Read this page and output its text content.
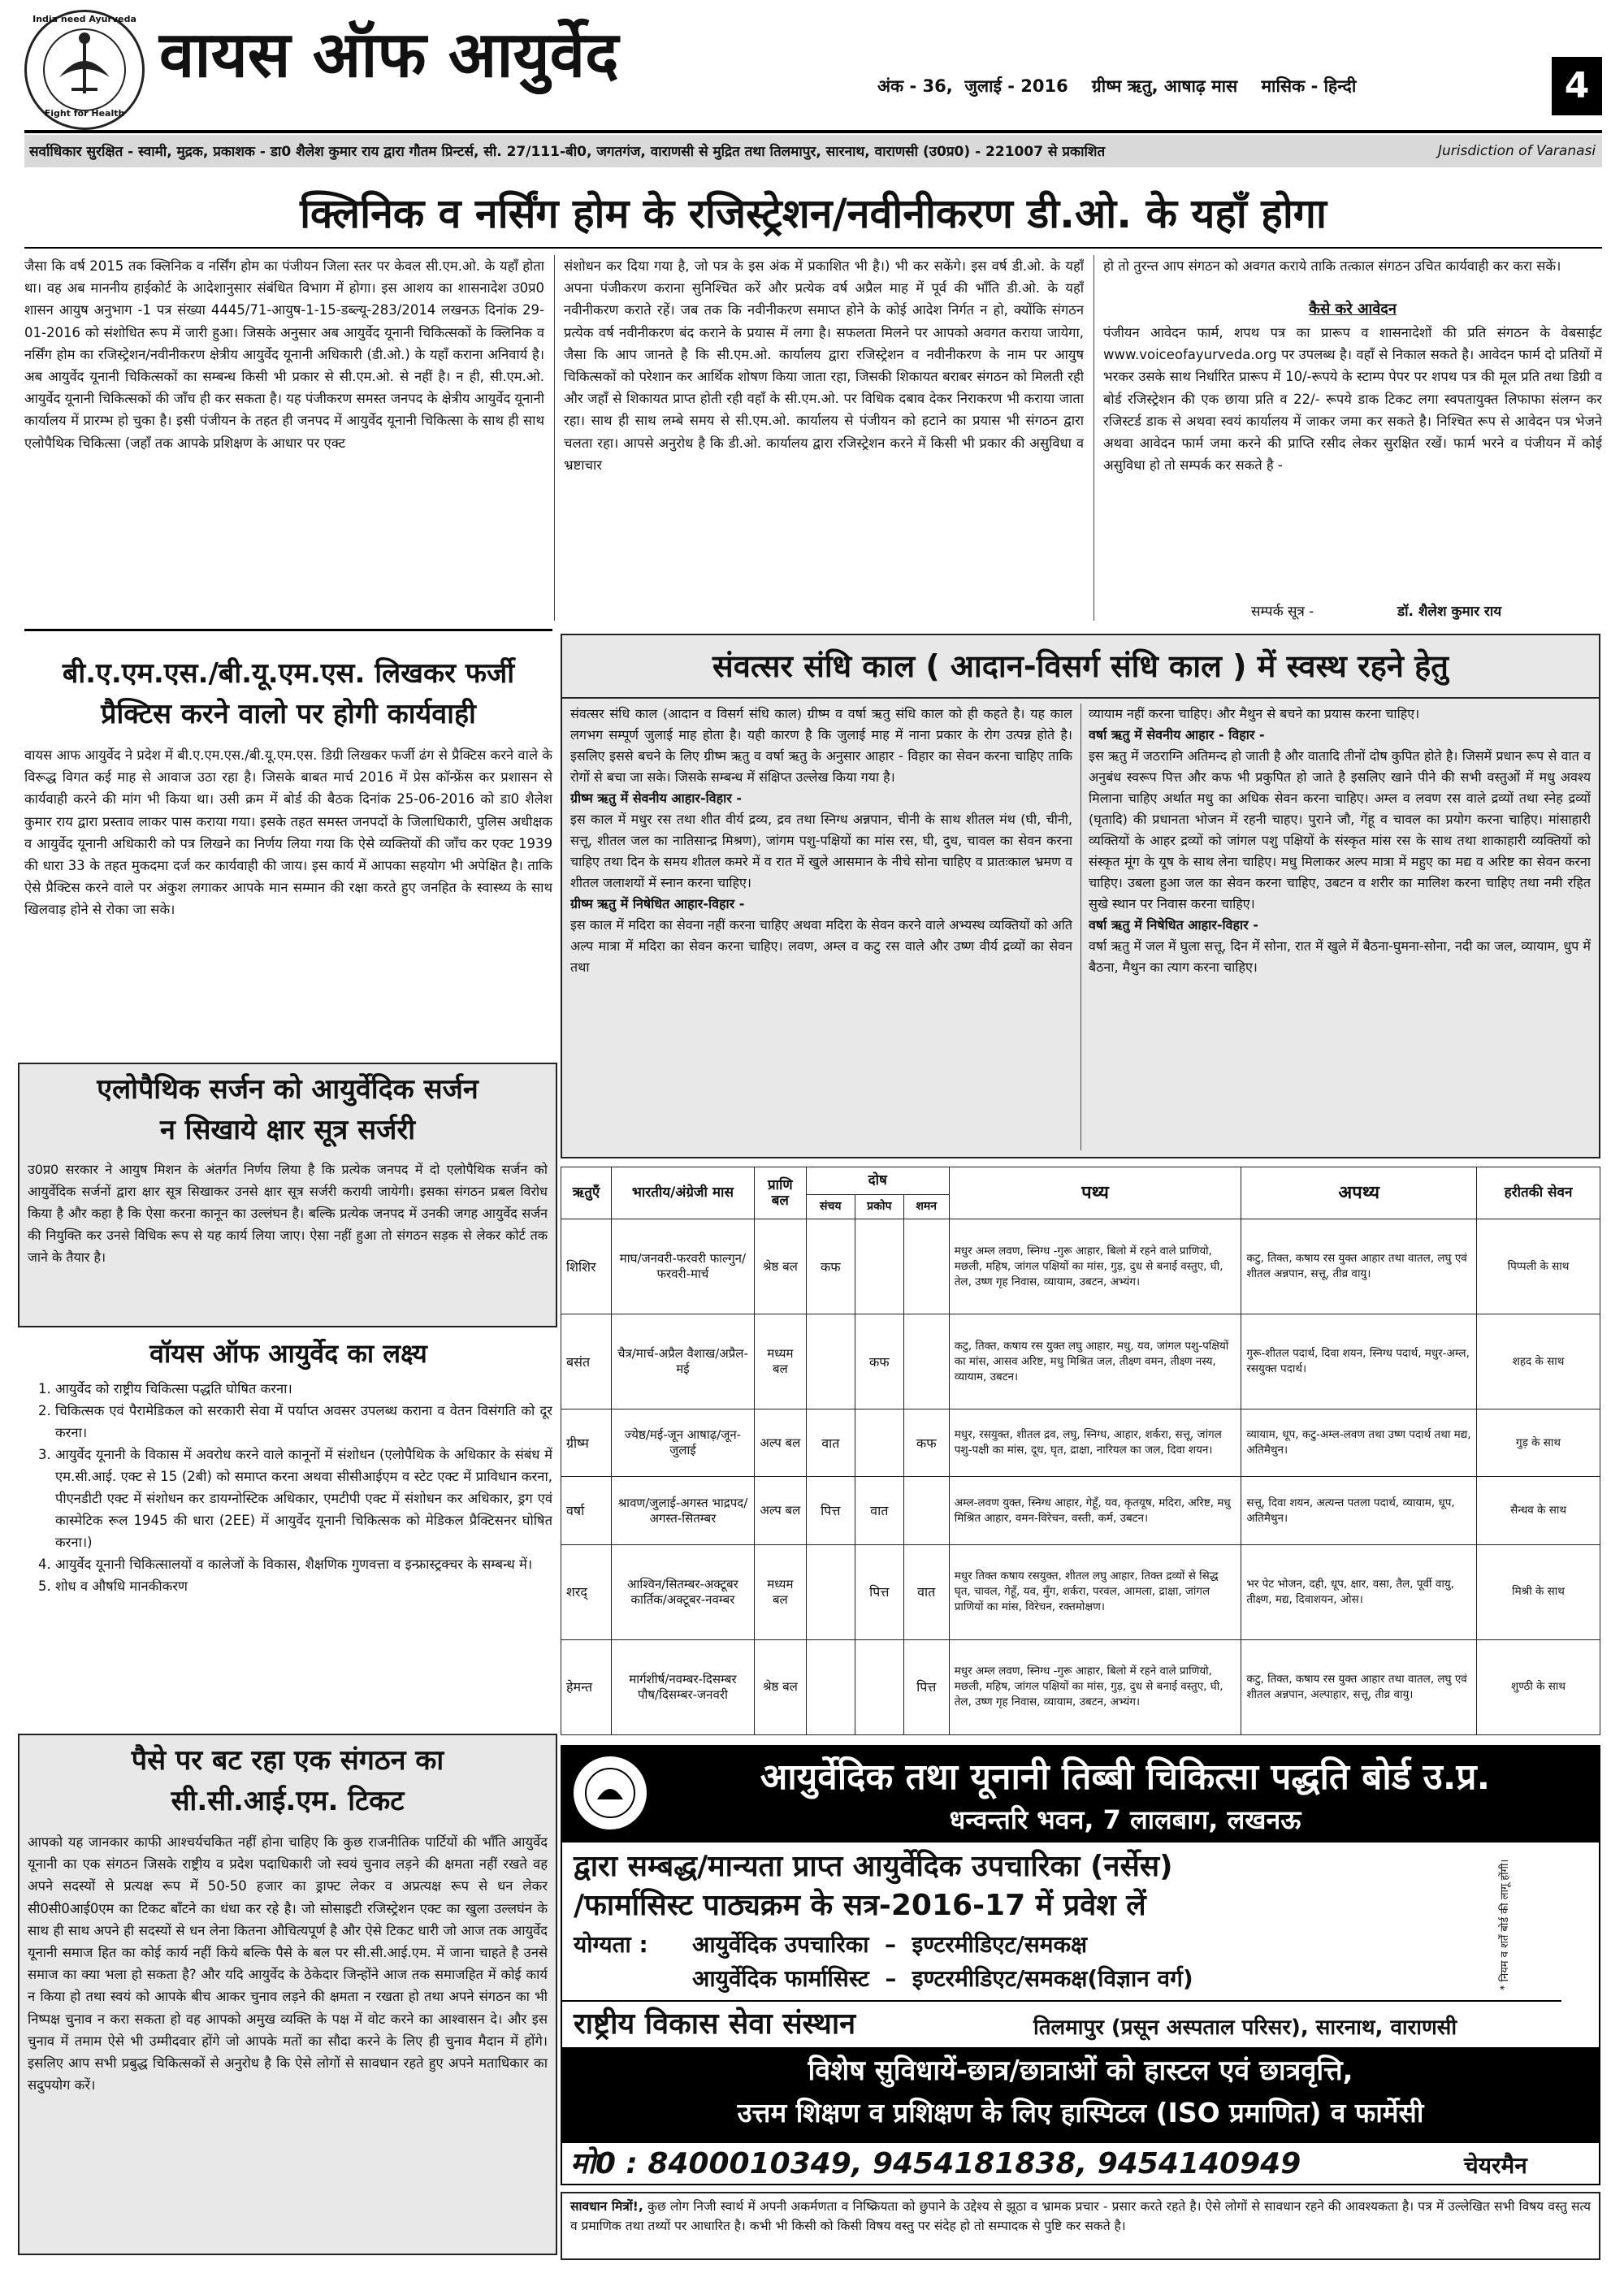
India need Ayurveda
Fight for Health
वायस ऑफ आयुर्वेद	अंक - 36,  जुलाई - 2016    ग्रीष्म ऋतु, आषाढ़ मास    मासिक - हिन्दी	4
सर्वाधिकार सुरक्षित - स्वामी, मुद्रक, प्रकाशक - डा0 शैलेश कुमार राय द्वारा गौतम प्रिन्टर्स, सी. 27/111-बी0, जगतगंज, वाराणसी से मुद्रित तथा तिलमापुर, सारनाथ, वाराणसी (उ0प्र0) - 221007 से प्रकाशित	Jurisdiction of Varanasi
क्लिनिक व नर्सिंग होम के रजिस्ट्रेशन/नवीनीकरण डी.ओ. के यहाँ होगा
जैसा कि वर्ष 2015 तक क्लिनिक व नर्सिंग होम का पंजीयन जिला स्तर पर केवल सी.एम.ओ. के यहाँ होता था। वह अब माननीय हाईकोर्ट के आदेशानुसार संबंधित विभाग में होगा। इस आशय का शासनादेश उ0प्र0 शासन आयुष अनुभाग -1 पत्र संख्या 4445/71-आयुष-1-15-डब्ल्यू-283/2014 लखनऊ दिनांक 29-01-2016 को संशोधित रूप में जारी हुआ। जिसके अनुसार अब आयुर्वेद यूनानी चिकित्सकों के क्लिनिक व नर्सिंग होम का रजिस्ट्रेशन/नवीनीकरण क्षेत्रीय आयुर्वेद यूनानी अधिकारी (डी.ओ.) के यहाँ कराना अनिवार्य है। अब आयुर्वेद यूनानी चिकित्सकों का सम्बन्ध किसी भी प्रकार से सी.एम.ओ. से नहीं है। न ही, सी.एम.ओ. आयुर्वेद यूनानी चिकित्सकों की जाँच ही कर सकता है। यह पंजीकरण समस्त जनपद के क्षेत्रीय आयुर्वेद यूनानी कार्यालय में प्रारम्भ हो चुका है। इसी पंजीयन के तहत ही जनपद में आयुर्वेद यूनानी चिकित्सा के साथ ही साथ एलोपैथिक चिकित्सा (जहाँ तक आपके प्रशिक्षण के आधार पर एक्ट
संशोधन कर दिया गया है, जो पत्र के इस अंक में प्रकाशित भी है।) भी कर सकेंगे। इस वर्ष डी.ओ. के यहाँ अपना पंजीकरण कराना सुनिश्चित करें और प्रत्येक वर्ष अप्रैल माह में पूर्व की भाँति डी.ओ. के यहाँ नवीनीकरण कराते रहें। जब तक कि नवीनीकरण समाप्त होने के कोई आदेश निर्गत न हो, क्योंकि संगठन प्रत्येक वर्ष नवीनीकरण बंद कराने के प्रयास में लगा है। सफलता मिलने पर आपको अवगत कराया जायेगा, जैसा कि आप जानते है कि सी.एम.ओ. कार्यालय द्वारा रजिस्ट्रेशन व नवीनीकरण के नाम पर आयुष चिकित्सकों को परेशान कर आर्थिक शोषण किया जाता रहा, जिसकी शिकायत बराबर संगठन को मिलती रही और जहाँ से शिकायत प्राप्त होती रही वहाँ के सी.एम.ओ. पर विधिक दबाव देकर निराकरण भी कराया जाता रहा। साथ ही साथ लम्बे समय से सी.एम.ओ. कार्यालय से पंजीयन को हटाने का प्रयास भी संगठन द्वारा चलता रहा। आपसे अनुरोध है कि डी.ओ. कार्यालय द्वारा रजिस्ट्रेशन करने में किसी भी प्रकार की असुविधा व भ्रष्टाचार
हो तो तुरन्त आप संगठन को अवगत कराये ताकि तत्काल संगठन उचित कार्यवाही कर करा सकें।
कैसे करे आवेदन
पंजीयन आवेदन फार्म, शपथ पत्र का प्रारूप व शासनादेशों की प्रति संगठन के वेबसाईट www.voiceofayurveda.org पर उपलब्ध है। वहाँ से निकाल सकते है। आवेदन फार्म दो प्रतियों में भरकर उसके साथ निर्धारित प्रारूप में 10/-रूपये के स्टाम्प पेपर पर शपथ पत्र की मूल प्रति तथा डिग्री व बोर्ड रजिस्ट्रेशन की एक छाया प्रति व 22/- रूपये डाक टिकट लगा स्वपतायुक्त लिफाफा संलग्न कर रजिस्टर्ड डाक से अथवा स्वयं कार्यालय में जाकर जमा कर सकते है। निश्चित रूप से आवेदन पत्र भेजने अथवा आवेदन फार्म जमा करने की प्राप्ति रसीद लेकर सुरक्षित रखें। फार्म भरने व पंजीयन में कोई असुविधा हो तो सम्पर्क कर सकते है -
सम्पर्क सूत्र -	डॉ. शैलेश कुमार राय
बी.ए.एम.एस./बी.यू.एम.एस. लिखकर फर्जी
प्रैक्टिस करने वालो पर होगी कार्यवाही
वायस आफ आयुर्वेद ने प्रदेश में बी.ए.एम.एस./बी.यू.एम.एस. डिग्री लिखकर फर्जी ढंग से प्रैक्टिस करने वाले के विरूद्ध विगत कई माह से आवाज उठा रहा है। जिसके बाबत मार्च 2016 में प्रेस कॉन्फ्रेंस कर प्रशासन से कार्यवाही करने की मांग भी किया था। उसी क्रम में बोर्ड की बैठक दिनांक 25-06-2016 को डा0 शैलेश कुमार राय द्वारा प्रस्ताव लाकर पास कराया गया। इसके तहत समस्त जनपदों के जिलाधिकारी, पुलिस अधीक्षक व आयुर्वेद यूनानी अधिकारी को पत्र लिखने का निर्णय लिया गया कि ऐसे व्यक्तियों की जाँच कर एक्ट 1939 की धारा 33 के तहत मुकदमा दर्ज कर कार्यवाही की जाय। इस कार्य में आपका सहयोग भी अपेक्षित है। ताकि ऐसे प्रैक्टिस करने वाले पर अंकुश लगाकर आपके मान सम्मान की रक्षा करते हुए जनहित के स्वास्थ्य के साथ खिलवाड़ होने से रोका जा सके।
एलोपैथिक सर्जन को आयुर्वेदिक सर्जन
न सिखाये क्षार सूत्र सर्जरी
उ0प्र0 सरकार ने आयुष मिशन के अंतर्गत निर्णय लिया है कि प्रत्येक जनपद में दो एलोपैथिक सर्जन को आयुर्वेदिक सर्जनों द्वारा क्षार सूत्र सिखाकर उनसे क्षार सूत्र सर्जरी करायी जायेगी। इसका संगठन प्रबल विरोध किया है और कहा है कि ऐसा करना कानून का उल्लंघन है। बल्कि प्रत्येक जनपद में उनकी जगह आयुर्वेद सर्जन की नियुक्ति कर उनसे विधिक रूप से यह कार्य लिया जाए। ऐसा नहीं हुआ तो संगठन सड़क से लेकर कोर्ट तक जाने के तैयार है।
वॉयस ऑफ आयुर्वेद का लक्ष्य
1. आयुर्वेद को राष्ट्रीय चिकित्सा पद्धति घोषित करना।
2. चिकित्सक एवं पैरामेडिकल को सरकारी सेवा में पर्याप्त अवसर उपलब्ध कराना व वेतन विसंगति को दूर करना।
3. आयुर्वेद यूनानी के विकास में अवरोध करने वाले कानूनों में संशोधन (एलोपैथिक के अधिकार के संबंध में एम.सी.आई. एक्ट से 15 (2बी) को समाप्त करना अथवा सीसीआईएम व स्टेट एक्ट में प्राविधान करना, पीएनडीटी एक्ट में संशोधन कर डायग्नोस्टिक अधिकार, एमटीपी एक्ट में संशोधन कर अधिकार, ड्रग एवं कास्मेटिक रूल 1945 की धारा (2EE) में आयुर्वेद यूनानी चिकित्सक को मेडिकल प्रैक्टिसनर घोषित करना।)
4. आयुर्वेद यूनानी चिकित्सालयों व कालेजों के विकास, शैक्षणिक गुणवत्ता व इन्फ्रास्ट्रक्चर के सम्बन्ध में।
5. शोध व औषधि मानकीकरण
पैसे पर बट रहा एक संगठन का
सी.सी.आई.एम. टिकट
आपको यह जानकार काफी आश्चर्यचकित नहीं होना चाहिए कि कुछ राजनीतिक पार्टियों की भाँति आयुर्वेद यूनानी का एक संगठन जिसके राष्ट्रीय व प्रदेश पदाधिकारी जो स्वयं चुनाव लड़ने की क्षमता नहीं रखते वह अपने सदस्यों से प्रत्यक्ष रूप में 50-50 हजार का ड्राफ्ट लेकर व अप्रत्यक्ष रूप से धन लेकर सी0सी0आई0एम का टिकट बाँटने का धंधा कर रहे है। जो सोसाइटी रजिस्ट्रेशन एक्ट का खुला उल्लघंन के साथ ही साथ अपने ही सदस्यों से धन लेना कितना औचित्यपूर्ण है और ऐसे टिकट धारी जो आज तक आयुर्वेद यूनानी समाज हित का कोई कार्य नहीं किये बल्कि पैसे के बल पर सी.सी.आई.एम. में जाना चाहते है उनसे समाज का क्या भला हो सकता है? और यदि आयुर्वेद के ठेकेदार जिन्होंने आज तक समाजहित में कोई कार्य न किया हो तथा स्वयं को आपके बीच आकर चुनाव लड़ने की क्षमता न रखता हो तथा अपने संगठन का भी निष्पक्ष चुनाव न करा सकता हो वह आपको अमुख व्यक्ति के पक्ष में वोट करने का आश्वासन दे। और इस चुनाव में तमाम ऐसे भी उम्मीदवार होंगे जो आपके मतों का सौदा करने के लिए ही चुनाव मैदान में होंगे। इसलिए आप सभी प्रबुद्ध चिकित्सकों से अनुरोध है कि ऐसे लोगों से सावधान रहते हुए अपने मताधिकार का सदुपयोग करें।
संवत्सर संधि काल ( आदान-विसर्ग संधि काल ) में स्वस्थ रहने हेतु

संवत्सर संधि काल (आदान व विसर्ग संधि काल) ग्रीष्म व वर्षा ऋतु संधि काल को ही कहते है। यह काल लगभग सम्पूर्ण जुलाई माह होता है। यही कारण है कि जुलाई माह में नाना प्रकार के रोग उत्पन्न होते है। इसलिए इससे बचने के लिए ग्रीष्म ऋतु व वर्षा ऋतु के अनुसार आहार - विहार का सेवन करना चाहिए ताकि रोगों से बचा जा सके। जिसके सम्बन्ध में संक्षिप्त उल्लेख किया गया है।

ग्रीष्म ऋतु में सेवनीय आहार-विहार -

इस काल में मधुर रस तथा शीत वीर्य द्रव्य, द्रव तथा स्निग्ध अन्नपान, चीनी के साथ शीतल मंथ (घी, चीनी, सत्तू, शीतल जल का नातिसान्द्र मिश्रण), जांगम पशु-पक्षियों का मांस रस, घी, दुध, चावल का सेवन करना चाहिए तथा दिन के समय शीतल कमरे में व रात में खुले आसमान के नीचे सोना चाहिए व प्रातःकाल भ्रमण व शीतल जलाशयों में स्नान करना चाहिए।

ग्रीष्म ऋतु में निषेधित आहार-विहार -

इस काल में मदिरा का सेवना नहीं करना चाहिए अथवा मदिरा के सेवन करने वाले अभ्यस्थ व्यक्तियों को अति अल्प मात्रा में मदिरा का सेवन करना चाहिए। लवण, अम्ल व कटु रस वाले और उष्ण वीर्य द्रव्यों का सेवन तथा

व्यायाम नहीं करना चाहिए। और मैथुन से बचने का प्रयास करना चाहिए।

वर्षा ऋतु में सेवनीय आहार - विहार -

इस ऋतु में जठराग्नि अतिमन्द हो जाती है और वातादि तीनों दोष कुपित होते है। जिसमें प्रधान रूप से वात व अनुबंध स्वरूप पित्त और कफ भी प्रकुपित हो जाते है इसलिए खाने पीने की सभी वस्तुओं में मधु अवश्य मिलाना चाहिए अर्थात मधु का अधिक सेवन करना चाहिए। अम्ल व लवण रस वाले द्रव्यों तथा स्नेह द्रव्यों (घृतादि) की प्रधानता भोजन में रहनी चाहए। पुराने जौ, गेंहू व चावल का प्रयोग करना चाहिए। मांसाहारी व्यक्तियों के आहर द्रव्यों को जांगल पशु पक्षियों के संस्कृत मांस रस के साथ तथा शाकाहारी व्यक्तियों को संस्कृत मूंग के यूष के साथ लेना चाहिए। मधु मिलाकर अल्प मात्रा में महुए का मद्य व अरिष्ट का सेवन करना चाहिए। उबला हुआ जल का सेवन करना चाहिए, उबटन व शरीर का मालिश करना चाहिए तथा नमी रहित सुखे स्थान पर निवास करना चाहिए।

वर्षा ऋतु में निषेधित आहार-विहार -

वर्षा ऋतु में जल में घुला सत्तू, दिन में सोना, रात में खुले में बैठना-घुमना-सोना, नदी का जल, व्यायाम, धुप में बैठना, मैथुन का त्याग करना चाहिए।

ऋतुएँ	भारतीय/अंग्रेजी मास	प्राणि बल	दोष			पथ्य	अपथ्य	हरीतकी सेवन
			संचय	प्रकोप	शमन			
शिशिर	माघ/जनवरी-फरवरी फाल्गुन/फरवरी-मार्च	श्रेष्ठ बल	कफ			मधुर अम्ल लवण, स्निग्ध -गुरू आहार, बिलो में रहने वाले प्राणियो, मछली, महिष, जांगल पक्षियों का मांस, गुड़, दुध से बनाई वस्तुए, घी, तेल, उष्ण गृह निवास, व्यायाम, उबटन, अभ्यंग।	कटु, तिक्त, कषाय रस युक्त आहार तथा वातल, लघु एवं शीतल अन्नपान, सत्तू, तीव्र वायु।	पिप्पली के साथ
बसंत	चैत्र/मार्च-अप्रैल वैशाख/अप्रैल-मई	मध्यम बल		कफ		कटु, तिक्त, कषाय रस युक्त लघु आहार, मधु, यव, जांगल पशु-पक्षियों का मांस, आसव अरिष्ट, मधु मिश्रित जल, तीक्ष्ण वमन, तीक्ष्ण नस्य, व्यायाम, उबटन।	गुरू-शीतल पदार्थ, दिवा शयन, स्निग्ध पदार्थ, मधुर-अम्ल, रसयुक्त पदार्थ।	शहद के साथ
ग्रीष्म	ज्येष्ठ/मई-जून आषाढ़/जून-जुलाई	अल्प बल	वात		कफ	मधुर, रसयुक्त, शीतल द्रव, लघु, स्निग्ध, आहार, शर्करा, सत्तू, जांगल पशु-पक्षी का मांस, दूध, घृत, द्राक्षा, नारियल का जल, दिवा शयन।	व्यायाम, धूप, कटु-अम्ल-लवण तथा उष्ण पदार्थ तथा मद्य, अतिमैथुन।	गुड़ के साथ
वर्षा	श्रावण/जुलाई-अगस्त भाद्रपद/अगस्त-सितम्बर	अल्प बल	पित्त	वात		अम्ल-लवण युक्त, स्निग्ध आहार, गेहूँ, यव, कृतयूष, मदिरा, अरिष्ट, मधु मिश्रित आहार, वमन-विरेचन, वस्ती, कर्म, उबटन।	सत्तू, दिवा शयन, अत्यन्त पतला पदार्थ, व्यायाम, धूप, अतिमैथुन।	सैन्धव के साथ
शरद्	आश्विन/सितम्बर-अक्टूबर कार्तिक/अक्टूबर-नवम्बर	मध्यम बल		पित्त	वात	मधुर तिक्त कषाय रसयुक्त, शीतल लघु आहार, तिक्त द्रव्यों से सिद्ध घृत, चावल, गेहूँ, यव, मुँग, शर्करा, परवल, आमला, द्राक्षा, जांगल प्राणियों का मांस, विरेचन, रक्तमोक्षण।	भर पेट भोजन, दही, धूप, क्षार, वसा, तैल, पूर्वी वायु, तीक्ष्ण, मद्य, दिवाशयन, ओस।	मिश्री के साथ
हेमन्त	मार्गशीर्ष/नवम्बर-दिसम्बर पौष/दिसम्बर-जनवरी	श्रेष्ठ बल			पित्त	मधुर अम्ल लवण, स्निग्ध -गुरू आहार, बिलो में रहने वाले प्राणियो, मछली, महिष, जांगल पक्षियों का मांस, गुड़, दुध से बनाई वस्तुए, घी, तेल, उष्ण गृह निवास, व्यायाम, उबटन, अभ्यंग।	कटु, तिक्त, कषाय रस युक्त आहार तथा वातल, लघु एवं शीतल अन्नपान, अल्पाहार, सत्तू, तीव्र वायु।	शुण्ठी के साथ
आयुर्वेदिक तथा यूनानी तिब्बी चिकित्सा पद्धति बोर्ड उ.प्र.
धन्वन्तरि भवन, 7 लालबाग, लखनऊ
द्वारा सम्बद्ध/मान्यता प्राप्त आयुर्वेदिक उपचारिका (नर्सेस)
/फार्मासिस्ट पाठ्यक्रम के सत्र-2016-17 में प्रवेश लें
योग्यता : आयुर्वेदिक उपचारिका  –  इण्टरमीडिएट/समकक्ष
आयुर्वेदिक फार्मासिस्ट  –  इण्टरमीडिएट/समकक्ष(विज्ञान वर्ग)	* नियम व शर्तें बोर्ड की लागू होंगी।
राष्ट्रीय विकास सेवा संस्थान	तिलमापुर (प्रसून अस्पताल परिसर), सारनाथ, वाराणसी
विशेष सुविधायें-छात्र/छात्राओं को हास्टल एवं छात्रवृत्ति,
उत्तम शिक्षण व प्रशिक्षण के लिए हास्पिटल (ISO प्रमाणित) व फार्मेसी
मो0 : 8400010349, 9454181838, 9454140949	चेयरमैन
सावधान मित्रों!, कुछ लोग निजी स्वार्थ में अपनी अकर्मणता व निष्क्रियता को छुपाने के उद्देश्य से झूठा व भ्रामक प्रचार - प्रसार करते रहते है। ऐसे लोगों से सावधान रहने की आवश्यकता है। पत्र में उल्लेखित सभी विषय वस्तु सत्य व प्रमाणिक तथा तथ्यों पर आधारित है। कभी भी किसी को किसी विषय वस्तु पर संदेह हो तो सम्पादक से पुष्टि कर सकते है।
